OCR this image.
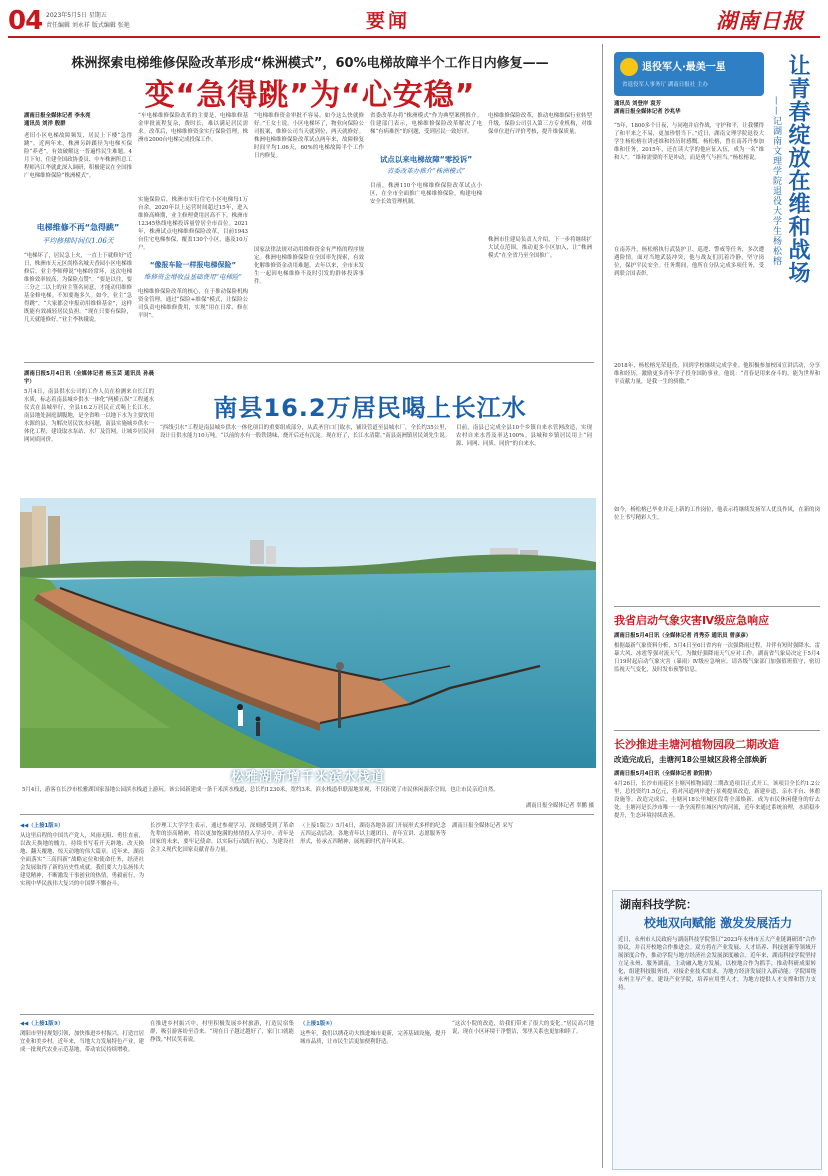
04 2023年5月5日 星期五
责任编辑 刘永祥 版式编辑 张艳	要闻	湖南日报
株洲探索电梯维修保险改革形成“株洲模式”，60%电梯故障半个工作日内修复——
变“急得跳”为“心安稳”
湖南日报全媒体记者 李永亮
通讯员 刘洋 殷群
老旧小区电梯故障频发，居民上下楼“急得跳”。近两年来，株洲另辟蹊径为电梯买保险“养老”，有效破解这一普遍性民生难题。4月下旬，住建全国政协委员、中车株洲所总工程师冯江华就此深入调研，积极建议在全国推广电梯维修保险“株洲模式”。
电梯维修不再“急得跳”
平均修梯时间仅1.06天
“电梯坏了，居民急上火，一直上下就修好”近日，株洲市天元区尚格名城天香园小区电梯维修后，业主李师傅说“电梯经常坏，这次电梯维修效率较高，为保险点赞”。“要是以往，要三分之二以上的业主签名同意，才能动用维修基金修电梯。不知要拖多久。如今，业主“急得跳”，“大家都会申报动用维修基金”，这样既能有效减轻居民负担。“现在只要有保险，几天就能修好。”业主李秋娥说。
“车电梯维修保险改革的主要是，电梯维修基金审批流程复杂，费时长，难以满足居民需求。改革后，电梯维修资金实行保险管理。株洲市2000台电梯完成投保工作。
实施保险后，株洲市实行住宅小区电梯每1万台余，2020年以上运营时间超过15年，进入维修高峰期，业主修理费用居高不下。株洲市12345热线电梯投诉量曾居全市首位。2021年，株洲试点电梯维修保险改革，目前1943台住宅电梯参保，覆盖130个小区，惠及10万户。
“像报车险一样报电梯保险”
维修资金增收益基础费用“电梯险”
电梯维修保险改革的核心，在于推动保险机构资金管理，通过“保险+维保”模式，让保险公司负责电梯维修费用，实现“用在日常、修在平时”。
“电梯维修资金审批不容易，如今这么快就修好。”王女士说，小区电梯坏了，物业向保险公司报案，维修公司当天就到位，两天就修好。株洲电梯维修保险改革试点两年来，故障修复时间平均1.06天，60%的电梯故障半个工作日内修复。
国家法律法规对动用维修资金有严格的程序规定。株洲电梯维修保险在全国率先探索，有效化解维修资金动用难题。去年以来，全市未发生一起因电梯维修不及时引发的群体投诉事件。
省委改革办将“株洲模式”作为典型案例推介。住建部门表示，电梯维修保险改革解决了电梯“有病难医”的问题，受到居民一致好评。
试点以来电梯故障“零投诉”
省委改革办推介“株洲模式”
目前，株洲110个电梯维修保险改革试点小区，在全市全面推广电梯维修保险，构建电梯安全长效管理机制。
电梯维修保险改革，推动电梯维保行业转型升级，保险公司引入第三方专业机构，对维保单位进行评价考核，提升维保质量。
株洲市住建局负责人介绍，下一步将继续扩大试点范围，推动更多小区加入，让“株洲模式”在全省乃至全国推广。
湖南日报5月4日讯（全媒体记者 杨玉芸 通讯员 孙晨宇）
5月4日，南县供水公司的工作人员在检测来自长江的水质，标志着南县城乡供水一体化“两横五纵”工程通水仪式在县城举行，全县16.2万居民正式喝上长江水。南县地处洞庭湖腹地，是全省唯一以地下水为主要饮用水源的县，为解决居民饮水问题，南县实施城乡供水一体化工程，建设取水泵站、水厂及管网，让城乡居民同网同质同价。
南县16.2万居民喝上长江水
“西线引水”工程是南县城乡供水一体化项目的重要组成部分，从武圣宫口门取水，铺设管道至县城水厂，全长约35公里，设计日供水能力10万吨。“以前的水有一股铁锈味，烧开后还有沉淀。现在好了，长江水清甜。”南县南洲镇居民刘先生说。
目前，南县已完成全县10个乡镇自来水管网改造，实现农村自来水普及率达100%。县城和乡镇居民用上“同源、同网、同质、同价”的自来水。
松雅湖新增千米滨水栈道
5月4日，游客在长沙市松雅湖国家湿地公园滨水栈道上游玩。该公园新建成一条千米滨水栈道，总长约1230米，宽约3米。滨水栈道串联湿地景观，不仅拓宽了市民休闲游乐空间，也让市民亲近自然。
湖南日报全媒体记者 辜鹏 摄
◀◀（上接1版①）
从这里启程的中国共产党人，风雨无阻、勇往直前，以改天换地的魄力，持续书写着开天辟地、改天换地、翻天覆地、惊天动地的伟大篇章。近年来，湖南全面落实“三高四新”战略定位和使命任务，经济社会发展取得了新的历史性成就。我们要大力弘扬伟大建党精神，不断激发干事创业的热情，勇毅前行，为实现中华民族伟大复兴的中国梦不懈奋斗。
长沙理工大学学生表示，通过参观学习，深刻感受到了革命先辈的崇高精神，将以更加饱满的热情投入学习中。青年是国家的未来，要牢记使命，以实际行动践行初心，为建设社会主义现代化国家贡献青春力量。
（上接1版②）5月4日，湖南各地各部门开展形式多样的纪念五四运动活动。各地青年以主题团日、青年宣讲、志愿服务等形式，传承五四精神，展现新时代青年风采。
湖南日报全媒体记者 采写
◀◀（上接1版③）
浏阳市坚持规划引领，加快推进乡村振兴，打造宜居宜业和美乡村。近年来，当地大力发展特色产业，建成一批现代农业示范基地，带动农民持续增收。
在推进乡村振兴中，村里积极发展乡村旅游，打造民宿集群，吸引游客纷至沓来。“现在日子越过越好了，家门口就能挣钱。”村民笑着说。
（上接1版④）
这些年，我们以绣花功夫推进城市更新，完善基础设施，提升城市品质，让市民生活更加便利舒适。
“这次小院的改造，给我们带来了很大的变化。”居民高兴地说，现在小区环境干净整洁，邻里关系也更加和睦了。
退役军人·最美一星
省退役军人事务厅 湖南日报社 主办
通讯员 刘登岸 袁芳
湖南日报全媒体记者 沙兆华	让青春绽放在维和战场
——记湖南文理学院退役大学生杨松榕
“5年，1800多个日夜，与同袍并肩作战，守护和平，让我懂得了和平来之不易，更加珍惜当下。”近日，湖南文理学院退役大学生杨松榕在讲述维和经历时感慨。杨松榕，曾在南苏丹参加维和任务，2015年，还在读大学的他应征入伍，成为一名“维和人”。“维和需要的不是冲动，而是勇气与担当。”杨松榕说。
在南苏丹，杨松榕执行武装护卫、巡逻、警戒等任务，多次遭遇险情。面对当地武装冲突，他与战友们沉着冷静，坚守岗位，保护平民安全。任务期间，他所在分队完成多项任务，受到联合国表彰。
2018年，杨松榕光荣退役，回到学校继续完成学业。他积极参加校园宣讲活动，分享维和经历，激励更多青年学子投身国防事业。他说：“青春是用来奋斗的，能为世界和平贡献力量，是我一生的骄傲。”
如今，杨松榕已毕业并走上新的工作岗位，他表示将继续发扬军人优良作风，在新的岗位上书写精彩人生。
我省启动气象灾害Ⅳ级应急响应
湖南日报5月4日讯（全媒体记者 肖秀芬 通讯员 曾彦彦）
根据最新气象资料分析，5月4日至6日省内有一次强降雨过程，并伴有短时强降水、雷暴大风、冰雹等强对流天气。为做好强降雨天气应对工作，湖南省气象局决定于5月4日19时起启动气象灾害（暴雨）Ⅳ级应急响应。请各级气象部门加强值班值守，密切监视天气变化，及时发布预警信息。
长沙推进圭塘河植物园段二期改造
改造完成后，圭塘河18公里城区段将全部焕新
湖南日报5月4日讯（全媒体记者 欧阳倩）
4月26日，长沙市雨花区圭塘河植物园段二期改造项目正式开工。该项目全长约1.2公里，总投资约1.5亿元，将对河道两岸进行景观提质改造，新建步道、亲水平台、休憩设施等。改造完成后，圭塘河18公里城区段将全部焕新，成为市民休闲健身的好去处。圭塘河是长沙市唯一一条全流程在城区内的河流，近年来通过系统治理，水质稳步提升，生态环境持续改善。
湖南科技学院：
校地双向赋能 激发发展活力
近日，永州市人民政府与湖南科技学院签订“2023年永州市五大产业链调研团”合作协议，并召开校地合作推进会。双方将在产业发展、人才培养、科技创新等领域开展深度合作，推动学院与地方经济社会发展深度融合。近年来，湖南科技学院坚持立足永州、服务湖南，主动融入地方发展，以校地合作为抓手，推动科研成果转化，组建科技服务团，对接企业技术需求，为地方经济发展注入新动能。学院围绕永州主导产业，建设产业学院，培养应用型人才，为地方提供人才支撑和智力支持。
